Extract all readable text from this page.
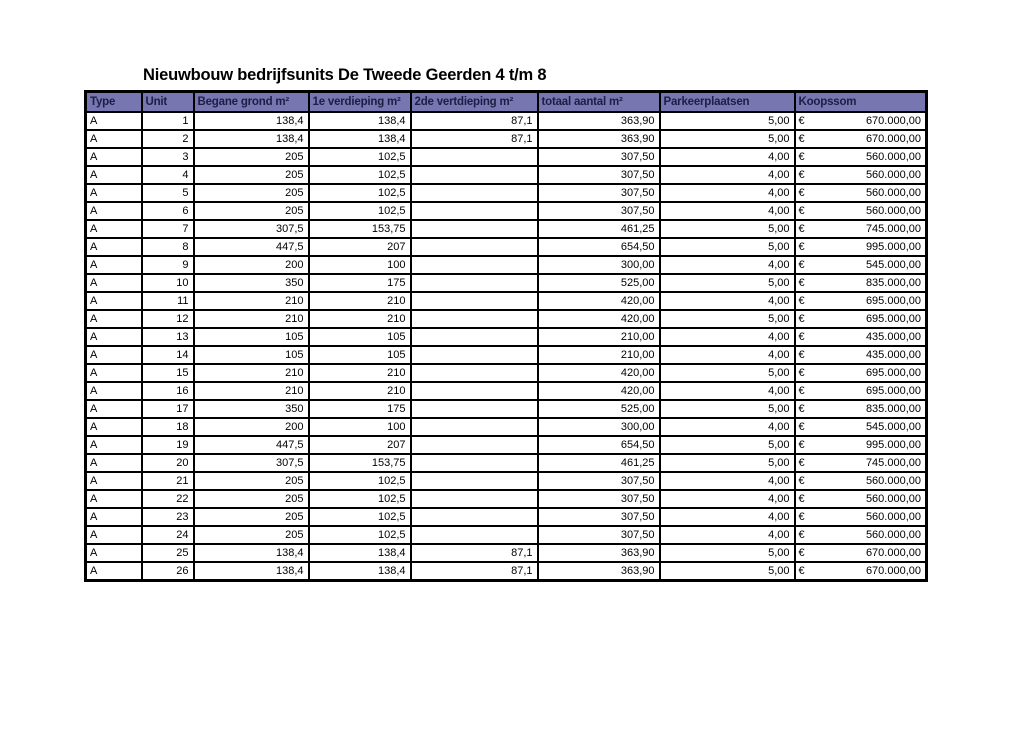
Nieuwbouw bedrijfsunits De Tweede Geerden 4 t/m 8
Type	Unit	Begane grond m²	1e verdieping m²	2de vertdieping m²	totaal aantal m²	Parkeerplaatsen	Koopssom
A	1	138,4	138,4	87,1	363,90	5,00	€ 670.000,00

A	2	138,4	138,4	87,1	363,90	5,00	€ 670.000,00

A	3	205	102,5		307,50	4,00	€ 560.000,00

A	4	205	102,5		307,50	4,00	€ 560.000,00

A	5	205	102,5		307,50	4,00	€ 560.000,00

A	6	205	102,5		307,50	4,00	€ 560.000,00

A	7	307,5	153,75		461,25	5,00	€ 745.000,00

A	8	447,5	207		654,50	5,00	€ 995.000,00

A	9	200	100		300,00	4,00	€ 545.000,00

A	10	350	175		525,00	5,00	€ 835.000,00

A	11	210	210		420,00	4,00	€ 695.000,00

A	12	210	210		420,00	5,00	€ 695.000,00

A	13	105	105		210,00	4,00	€ 435.000,00

A	14	105	105		210,00	4,00	€ 435.000,00

A	15	210	210		420,00	5,00	€ 695.000,00

A	16	210	210		420,00	4,00	€ 695.000,00

A	17	350	175		525,00	5,00	€ 835.000,00

A	18	200	100		300,00	4,00	€ 545.000,00

A	19	447,5	207		654,50	5,00	€ 995.000,00

A	20	307,5	153,75		461,25	5,00	€ 745.000,00

A	21	205	102,5		307,50	4,00	€ 560.000,00

A	22	205	102,5		307,50	4,00	€ 560.000,00

A	23	205	102,5		307,50	4,00	€ 560.000,00

A	24	205	102,5		307,50	4,00	€ 560.000,00

A	25	138,4	138,4	87,1	363,90	5,00	€ 670.000,00

A	26	138,4	138,4	87,1	363,90	5,00	€ 670.000,00
